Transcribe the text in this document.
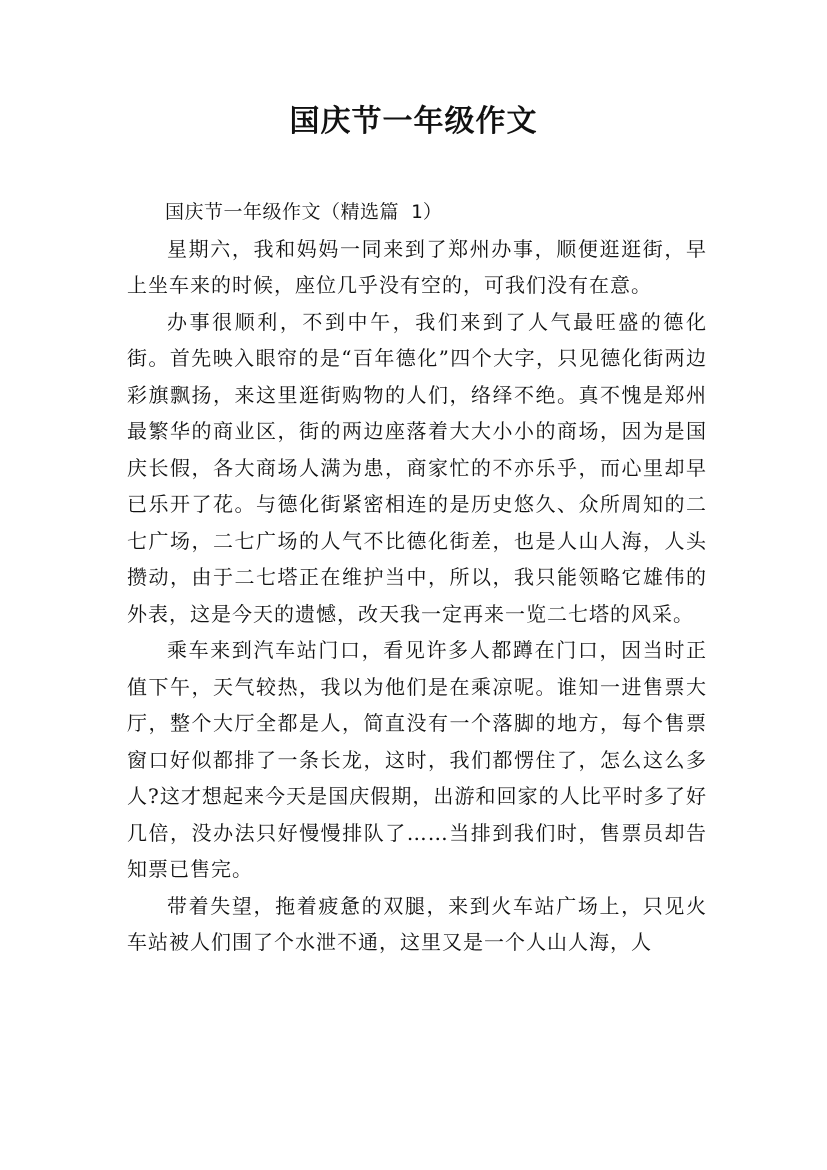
国庆节一年级作文

国庆节一年级作文（精选篇 1）

星期六，我和妈妈一同来到了郑州办事，顺便逛逛街，早上坐车来的时候，座位几乎没有空的，可我们没有在意。

办事很顺利，不到中午，我们来到了人气最旺盛的德化街。首先映入眼帘的是“百年德化”四个大字，只见德化街两边彩旗飘扬，来这里逛街购物的人们，络绎不绝。真不愧是郑州最繁华的商业区，街的两边座落着大大小小的商场，因为是国庆长假，各大商场人满为患，商家忙的不亦乐乎，而心里却早已乐开了花。与德化街紧密相连的是历史悠久、众所周知的二七广场，二七广场的人气不比德化街差，也是人山人海，人头攒动，由于二七塔正在维护当中，所以，我只能领略它雄伟的外表，这是今天的遗憾，改天我一定再来一览二七塔的风采。

乘车来到汽车站门口，看见许多人都蹲在门口，因当时正值下午，天气较热，我以为他们是在乘凉呢。谁知一进售票大厅，整个大厅全都是人，简直没有一个落脚的地方，每个售票窗口好似都排了一条长龙，这时，我们都愣住了，怎么这么多人?这才想起来今天是国庆假期，出游和回家的人比平时多了好几倍，没办法只好慢慢排队了……当排到我们时，售票员却告知票已售完。

带着失望，拖着疲惫的双腿，来到火车站广场上，只见火车站被人们围了个水泄不通，这里又是一个人山人海，人
